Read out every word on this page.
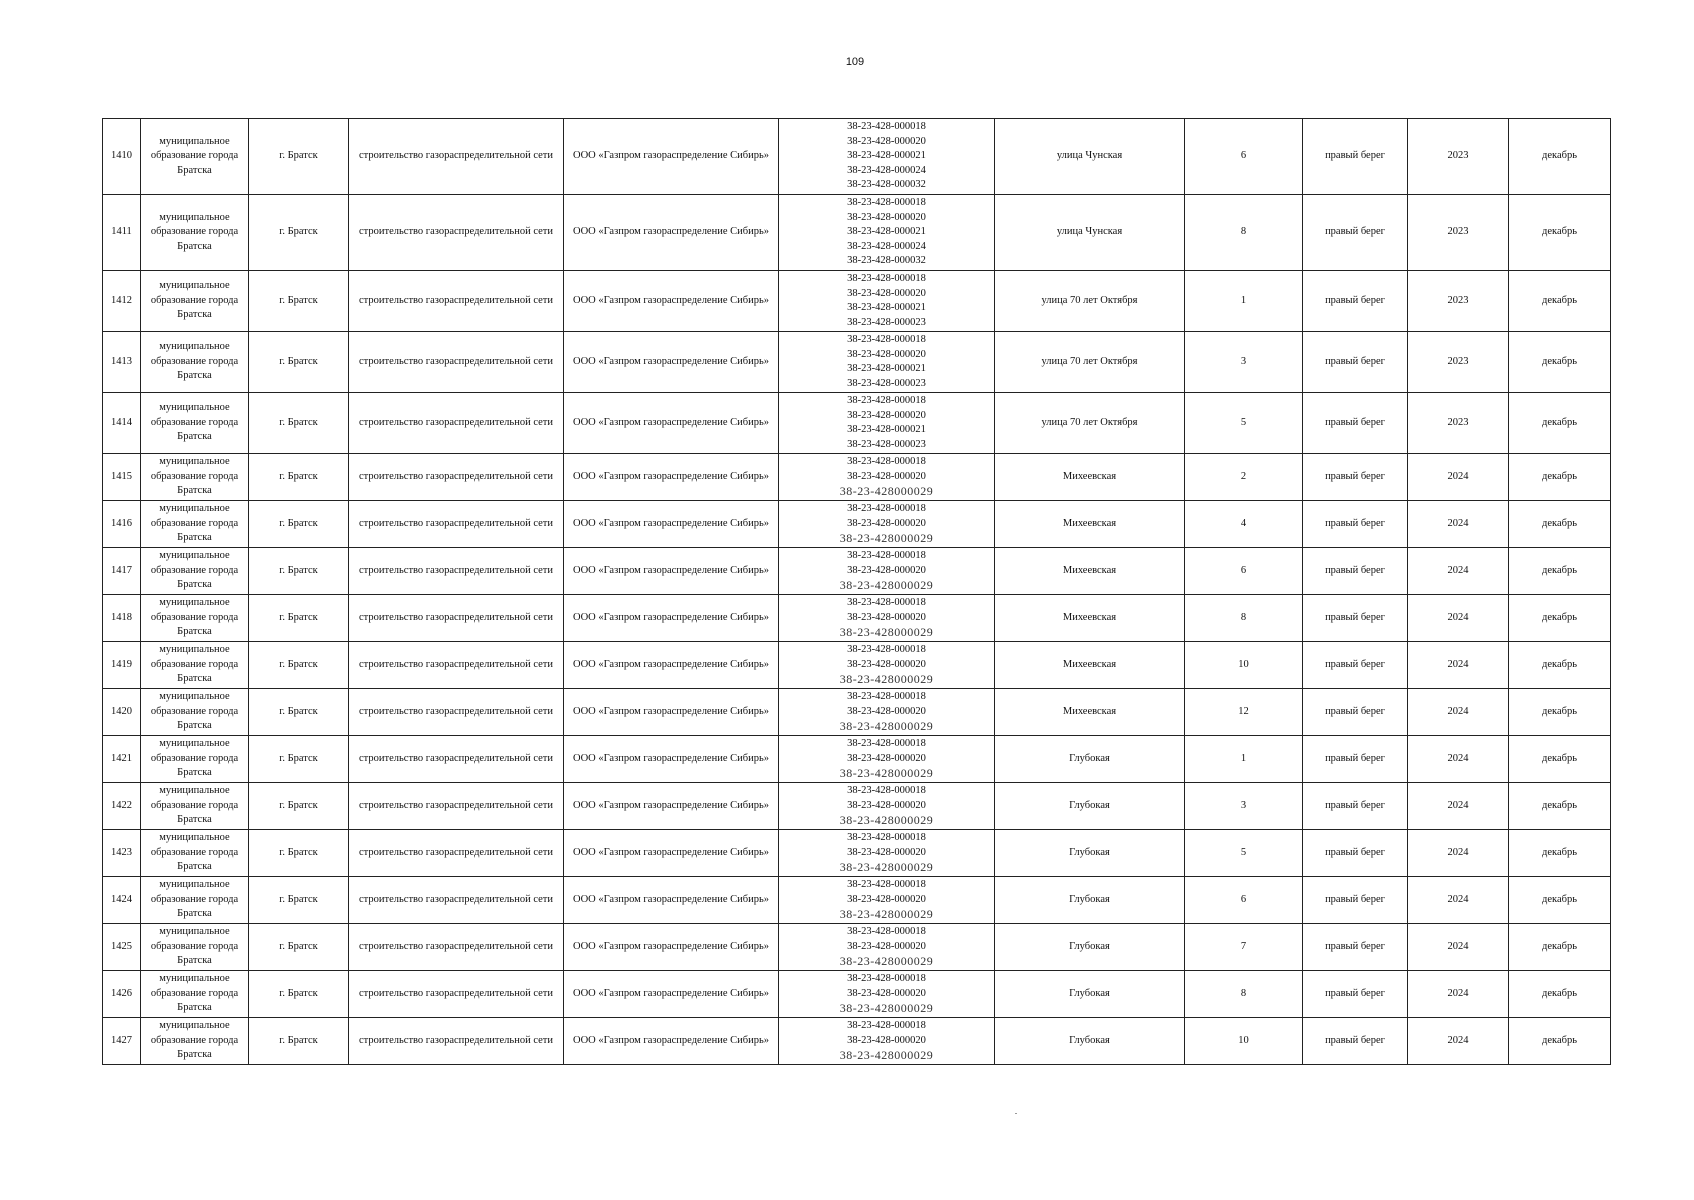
109
1410	муниципальное образование города Братска	г. Братск	строительство газораспределительной сети	ООО «Газпром газораспределение Сибирь»	38-23-428-000018
38-23-428-000020
38-23-428-000021
38-23-428-000024
38-23-428-000032	улица Чунская	6	правый берег	2023	декабрь
1411	муниципальное образование города Братска	г. Братск	строительство газораспределительной сети	ООО «Газпром газораспределение Сибирь»	38-23-428-000018
38-23-428-000020
38-23-428-000021
38-23-428-000024
38-23-428-000032	улица Чунская	8	правый берег	2023	декабрь
1412	муниципальное образование города Братска	г. Братск	строительство газораспределительной сети	ООО «Газпром газораспределение Сибирь»	38-23-428-000018
38-23-428-000020
38-23-428-000021
38-23-428-000023	улица 70 лет Октября	1	правый берег	2023	декабрь
1413	муниципальное образование города Братска	г. Братск	строительство газораспределительной сети	ООО «Газпром газораспределение Сибирь»	38-23-428-000018
38-23-428-000020
38-23-428-000021
38-23-428-000023	улица 70 лет Октября	3	правый берег	2023	декабрь
1414	муниципальное образование города Братска	г. Братск	строительство газораспределительной сети	ООО «Газпром газораспределение Сибирь»	38-23-428-000018
38-23-428-000020
38-23-428-000021
38-23-428-000023	улица 70 лет Октября	5	правый берег	2023	декабрь
1415	муниципальное образование города Братска	г. Братск	строительство газораспределительной сети	ООО «Газпром газораспределение Сибирь»	38-23-428-000018
38-23-428-000020
38-23-428000029	Михеевская	2	правый берег	2024	декабрь
1416	муниципальное образование города Братска	г. Братск	строительство газораспределительной сети	ООО «Газпром газораспределение Сибирь»	38-23-428-000018
38-23-428-000020
38-23-428000029	Михеевская	4	правый берег	2024	декабрь
1417	муниципальное образование города Братска	г. Братск	строительство газораспределительной сети	ООО «Газпром газораспределение Сибирь»	38-23-428-000018
38-23-428-000020
38-23-428000029	Михеевская	6	правый берег	2024	декабрь
1418	муниципальное образование города Братска	г. Братск	строительство газораспределительной сети	ООО «Газпром газораспределение Сибирь»	38-23-428-000018
38-23-428-000020
38-23-428000029	Михеевская	8	правый берег	2024	декабрь
1419	муниципальное образование города Братска	г. Братск	строительство газораспределительной сети	ООО «Газпром газораспределение Сибирь»	38-23-428-000018
38-23-428-000020
38-23-428000029	Михеевская	10	правый берег	2024	декабрь
1420	муниципальное образование города Братска	г. Братск	строительство газораспределительной сети	ООО «Газпром газораспределение Сибирь»	38-23-428-000018
38-23-428-000020
38-23-428000029	Михеевская	12	правый берег	2024	декабрь
1421	муниципальное образование города Братска	г. Братск	строительство газораспределительной сети	ООО «Газпром газораспределение Сибирь»	38-23-428-000018
38-23-428-000020
38-23-428000029	Глубокая	1	правый берег	2024	декабрь
1422	муниципальное образование города Братска	г. Братск	строительство газораспределительной сети	ООО «Газпром газораспределение Сибирь»	38-23-428-000018
38-23-428-000020
38-23-428000029	Глубокая	3	правый берег	2024	декабрь
1423	муниципальное образование города Братска	г. Братск	строительство газораспределительной сети	ООО «Газпром газораспределение Сибирь»	38-23-428-000018
38-23-428-000020
38-23-428000029	Глубокая	5	правый берег	2024	декабрь
1424	муниципальное образование города Братска	г. Братск	строительство газораспределительной сети	ООО «Газпром газораспределение Сибирь»	38-23-428-000018
38-23-428-000020
38-23-428000029	Глубокая	6	правый берег	2024	декабрь
1425	муниципальное образование города Братска	г. Братск	строительство газораспределительной сети	ООО «Газпром газораспределение Сибирь»	38-23-428-000018
38-23-428-000020
38-23-428000029	Глубокая	7	правый берег	2024	декабрь
1426	муниципальное образование города Братска	г. Братск	строительство газораспределительной сети	ООО «Газпром газораспределение Сибирь»	38-23-428-000018
38-23-428-000020
38-23-428000029	Глубокая	8	правый берег	2024	декабрь
1427	муниципальное образование города Братска	г. Братск	строительство газораспределительной сети	ООО «Газпром газораспределение Сибирь»	38-23-428-000018
38-23-428-000020
38-23-428000029	Глубокая	10	правый берег	2024	декабрь
